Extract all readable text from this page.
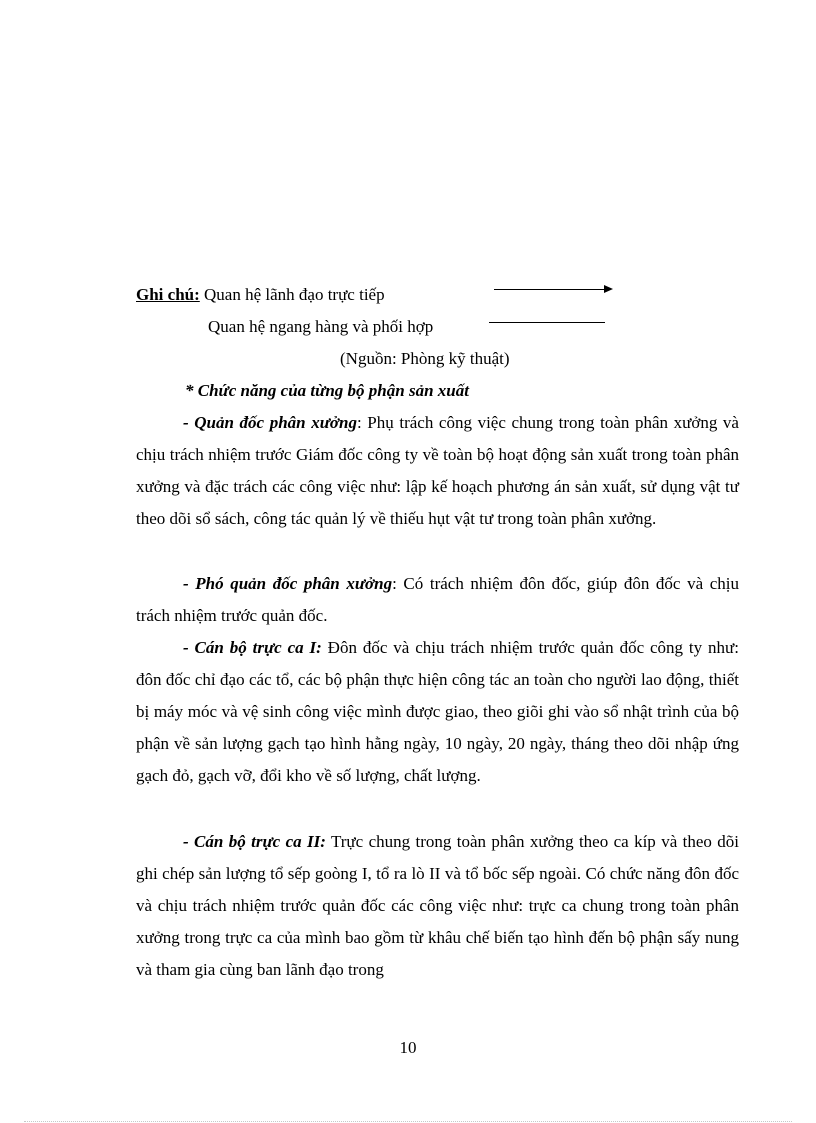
Ghi chú: Quan hệ lãnh đạo trực tiếp
Quan hệ ngang hàng và phối hợp
(Nguồn: Phòng kỹ thuật)
* Chức năng của từng bộ phận sản xuất
- Quản đốc phân xưởng: Phụ trách công việc chung trong toàn phân xưởng và chịu trách nhiệm trước Giám đốc công ty về toàn bộ hoạt động sản xuất trong toàn phân xưởng và đặc trách các công việc như: lập kế hoạch phương án sản xuất, sử dụng vật tư theo dõi sổ sách, công tác quản lý về thiếu hụt vật tư trong toàn phân xưởng.
- Phó quản đốc phân xưởng: Có trách nhiệm đôn đốc, giúp đôn đốc và chịu trách nhiệm trước quản đốc.
- Cán bộ trực ca I: Đôn đốc và chịu trách nhiệm trước quản đốc công ty như: đôn đốc chỉ đạo các tổ, các bộ phận thực hiện công tác an toàn cho người lao động, thiết bị máy móc và vệ sinh công việc mình được giao, theo giõi ghi vào sổ nhật trình của bộ phận về sản lượng gạch tạo hình hằng ngày, 10 ngày, 20 ngày, tháng theo dõi nhập ứng gạch đỏ, gạch vỡ, đổi kho về số lượng, chất lượng.
- Cán bộ trực ca II: Trực chung trong toàn phân xưởng theo ca kíp và theo dõi ghi chép sản lượng tổ sếp goòng I, tổ ra lò II và tổ bốc sếp ngoài. Có chức năng đôn đốc và chịu trách nhiệm trước quản đốc các công việc như: trực ca chung trong toàn phân xưởng trong trực ca của mình bao gồm từ khâu chế biến tạo hình đến bộ phận sấy nung và tham gia cùng ban lãnh đạo trong
10
